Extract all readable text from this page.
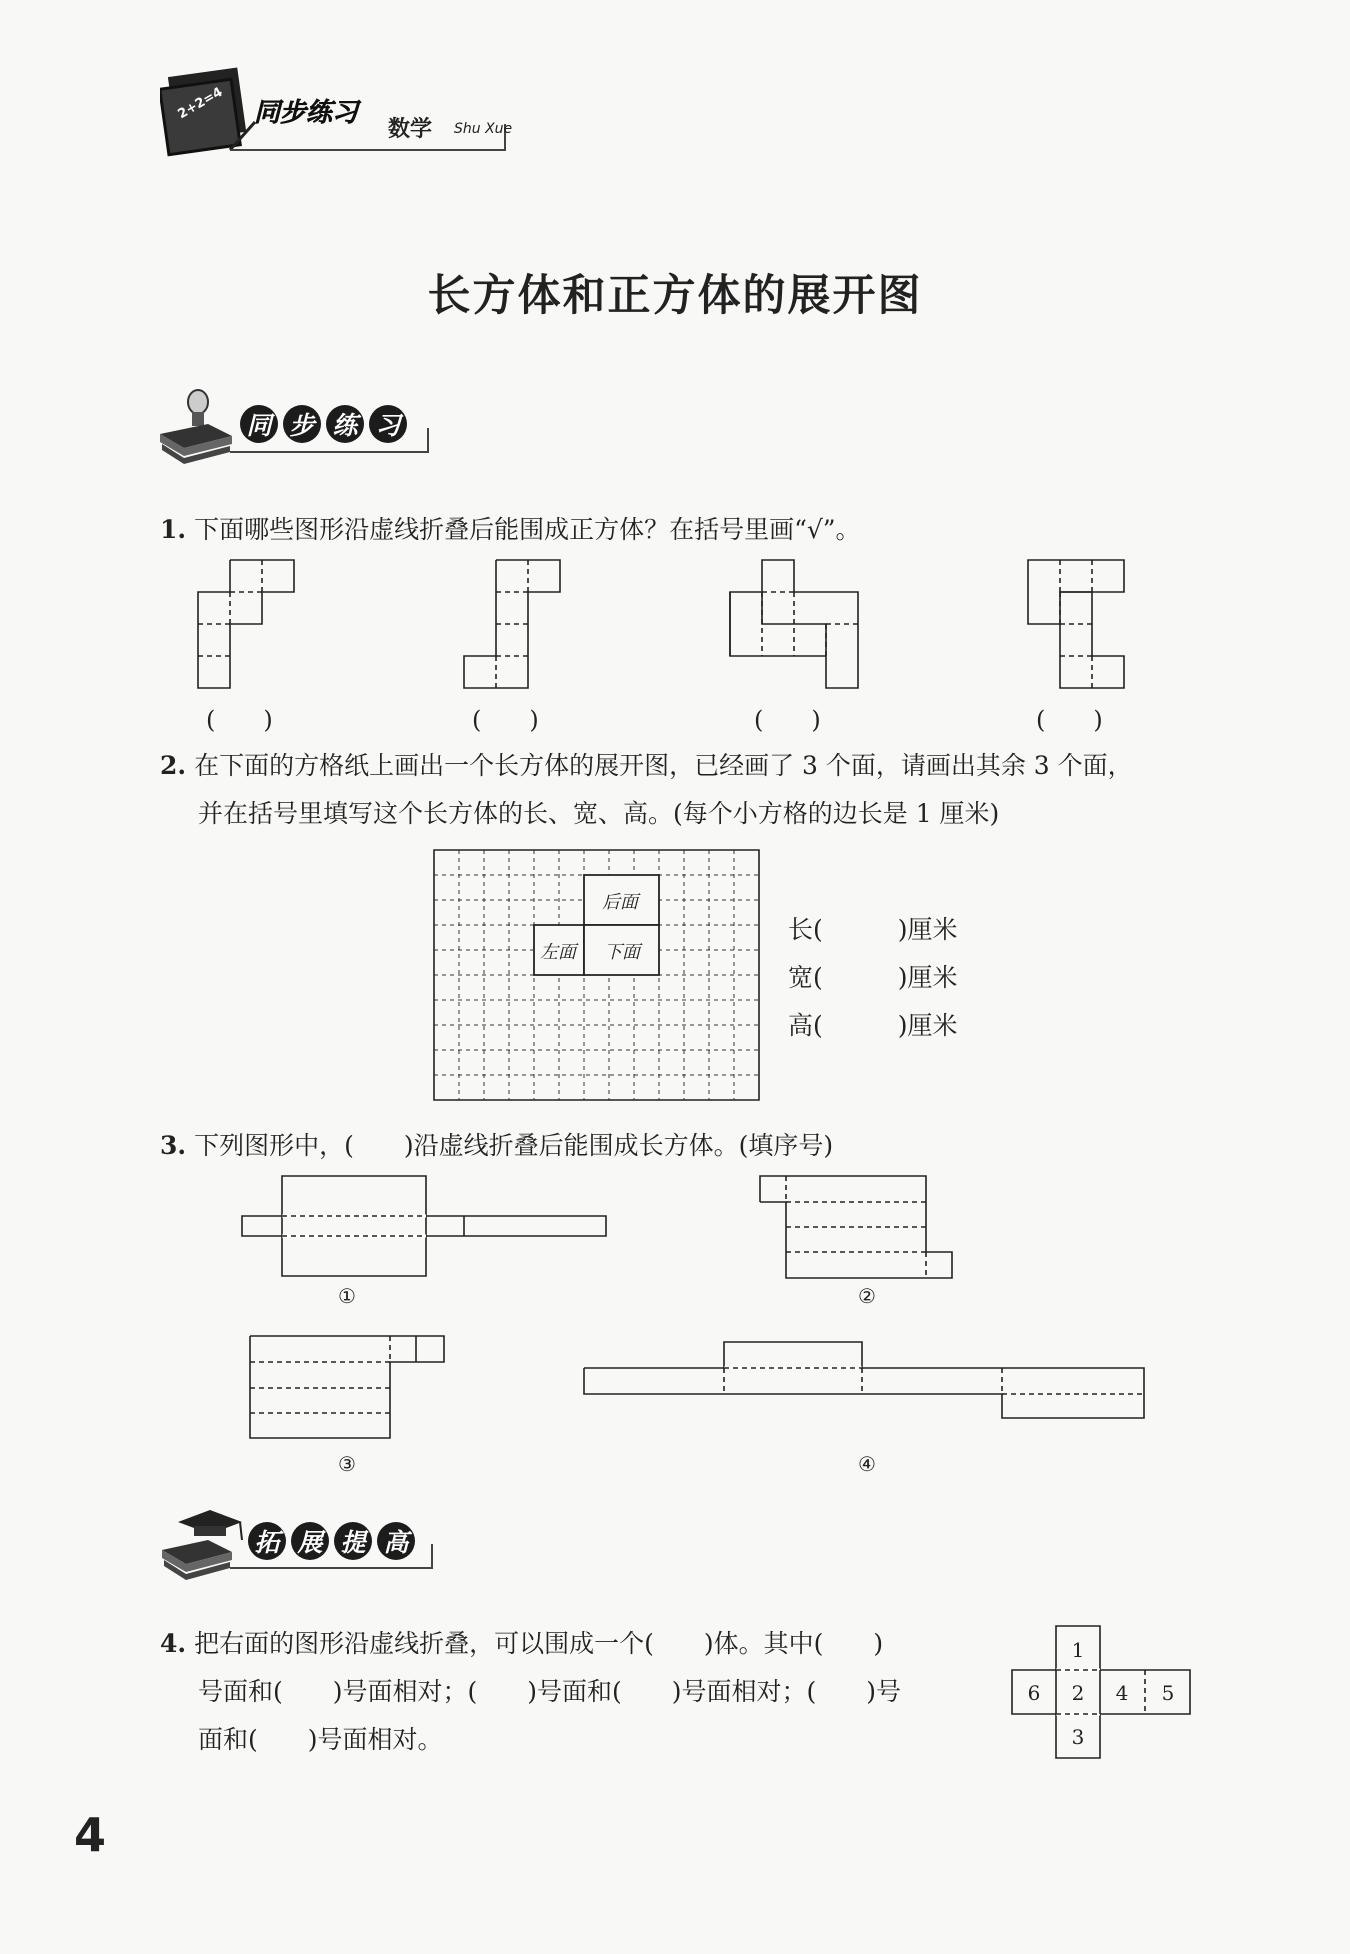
2+2=4 同步练习
数学 Shu Xue
长方体和正方体的展开图
同 步 练 习
1. 下面哪些图形沿虚线折叠后能围成正方体？在括号里画“√”。
(　　)	(　　)	(　　)	(　　)
2. 在下面的方格纸上画出一个长方体的展开图，已经画了 3 个面，请画出其余 3 个面，
并在括号里填写这个长方体的长、宽、高。(每个小方格的边长是 1 厘米)
后面
左面 下面
长(　　　)厘米
宽(　　　)厘米
高(　　　)厘米
3. 下列图形中，(　　)沿虚线折叠后能围成长方体。(填序号)
①	②
③	④
拓 展 提 高
4. 把右面的图形沿虚线折叠，可以围成一个(　　)体。其中(　　)
号面和(　　)号面相对；(　　)号面和(　　)号面相对；(　　)号
面和(　　)号面相对。
1
2
3
4	5
6
4
